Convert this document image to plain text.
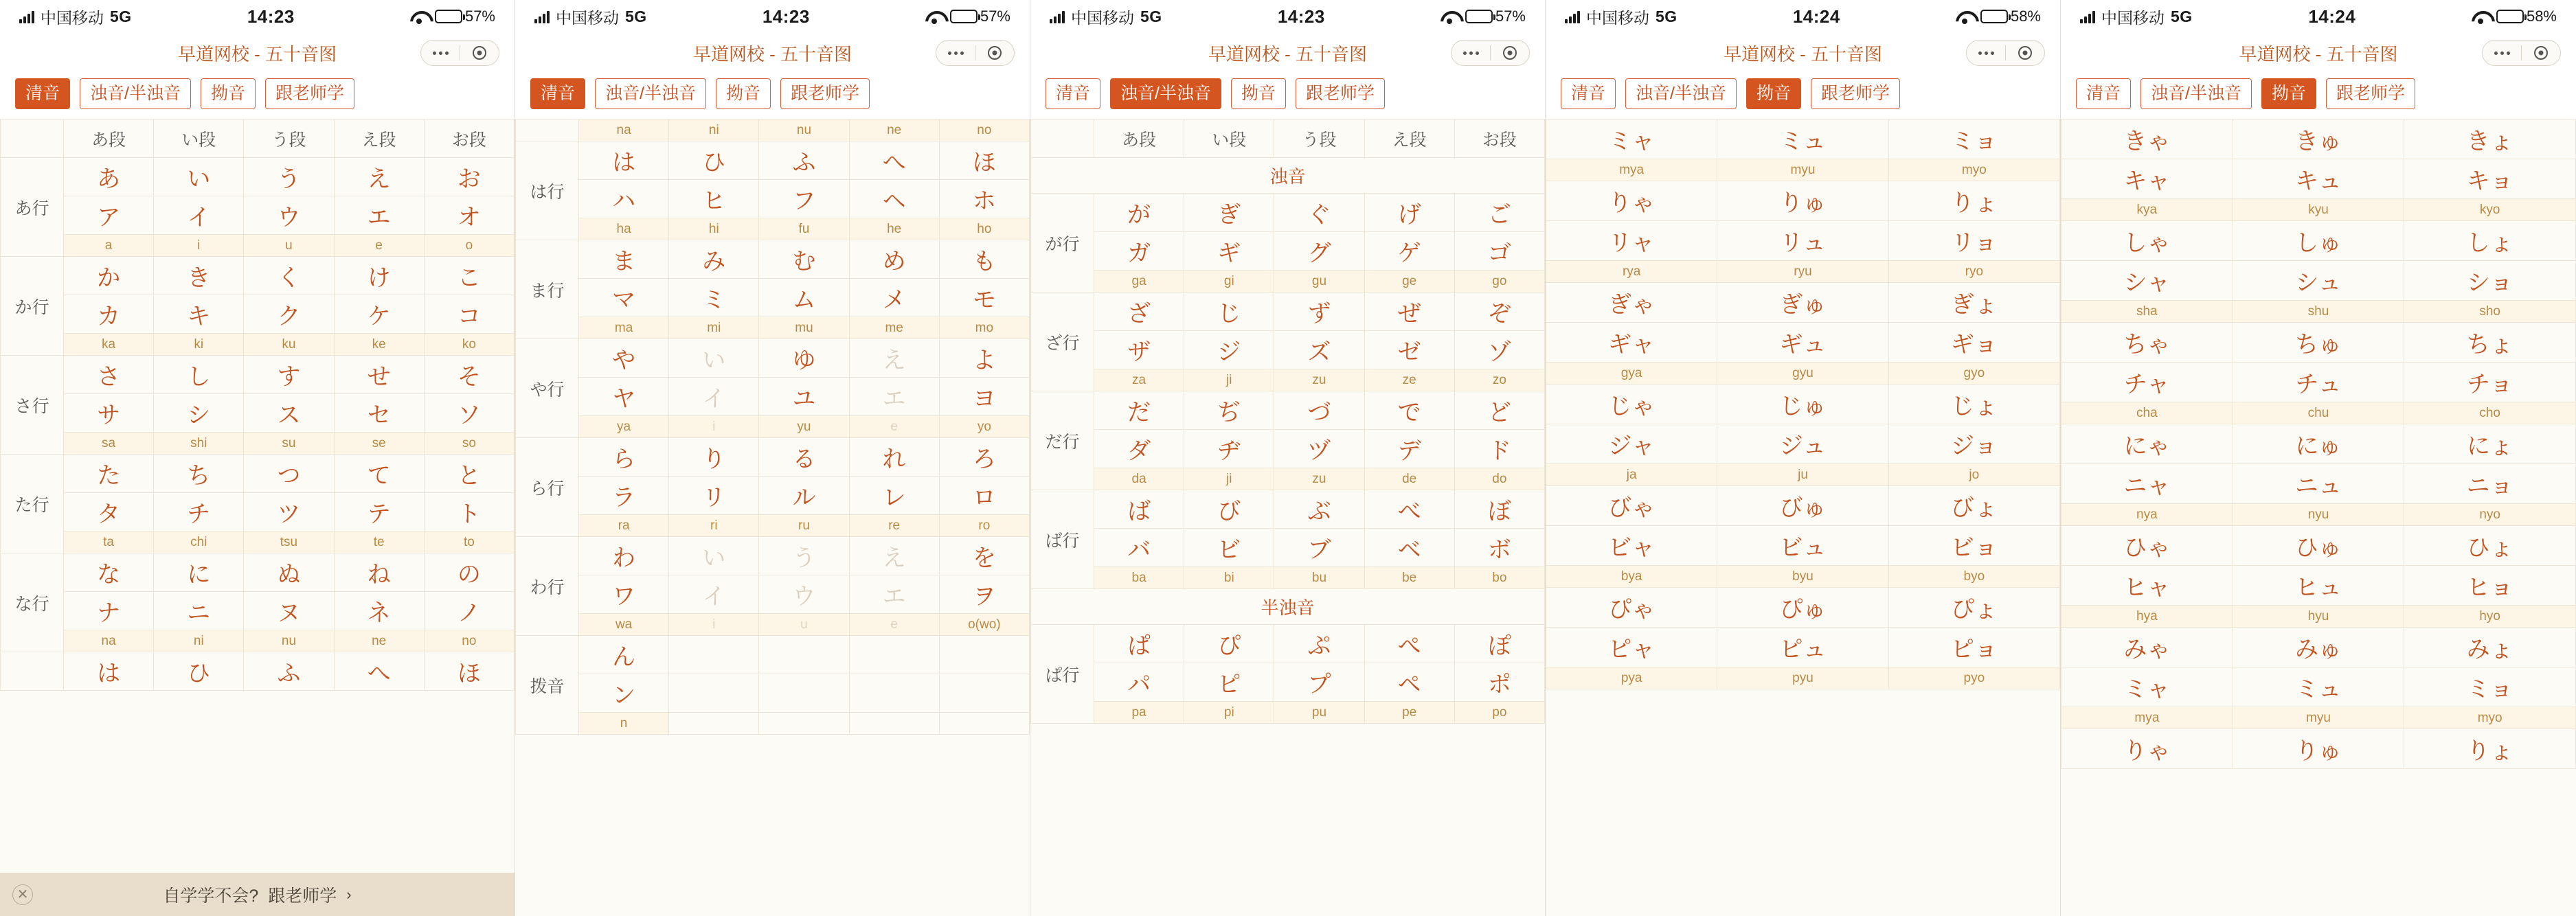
中国移动 5G	14:23	57%
早道网校 - 五十音图
清音	浊音/半浊音	拗音	跟老师学
	あ段	い段	う段	え段	お段
あ行	あ	い	う	え	お
	ア	イ	ウ	エ	オ
	a	i	u	e	o
か行	か	き	く	け	こ
	カ	キ	ク	ケ	コ
	ka	ki	ku	ke	ko
さ行	さ	し	す	せ	そ
	サ	シ	ス	セ	ソ
	sa	shi	su	se	so
た行	た	ち	つ	て	と
	タ	チ	ツ	テ	ト
	ta	chi	tsu	te	to
な行	な	に	ぬ	ね	の
	ナ	ニ	ヌ	ネ	ノ
	na	ni	nu	ne	no
	は	ひ	ふ	へ	ほ
✕	自学学不会? 跟老师学 ›
中国移动 5G	14:23	57%
早道网校 - 五十音图
清音	浊音/半浊音	拗音	跟老师学
	na	ni	nu	ne	no
は行	は	ひ	ふ	へ	ほ
	ハ	ヒ	フ	ヘ	ホ
	ha	hi	fu	he	ho
ま行	ま	み	む	め	も
	マ	ミ	ム	メ	モ
	ma	mi	mu	me	mo
や行	や	い	ゆ	え	よ
	ヤ	イ	ユ	エ	ヨ
	ya	i	yu	e	yo
ら行	ら	り	る	れ	ろ
	ラ	リ	ル	レ	ロ
	ra	ri	ru	re	ro
わ行	わ	い	う	え	を
	ワ	イ	ウ	エ	ヲ
	wa	i	u	e	o(wo)
拨音	ん				
	ン				
	n				
中国移动 5G	14:23	57%
早道网校 - 五十音图
清音	浊音/半浊音	拗音	跟老师学
	あ段	い段	う段	え段	お段
浊音					
が行	が	ぎ	ぐ	げ	ご
	ガ	ギ	グ	ゲ	ゴ
	ga	gi	gu	ge	go
ざ行	ざ	じ	ず	ぜ	ぞ
	ザ	ジ	ズ	ゼ	ゾ
	za	ji	zu	ze	zo
だ行	だ	ぢ	づ	で	ど
	ダ	ヂ	ヅ	デ	ド
	da	ji	zu	de	do
ば行	ば	び	ぶ	べ	ぼ
	バ	ビ	ブ	ベ	ボ
	ba	bi	bu	be	bo
半浊音					
ぱ行	ぱ	ぴ	ぷ	ぺ	ぽ
	パ	ピ	プ	ペ	ポ
	pa	pi	pu	pe	po
中国移动 5G	14:24	58%
早道网校 - 五十音图
清音	浊音/半浊音	拗音	跟老师学
ミャ	ミュ	ミョ
mya	myu	myo
りゃ	りゅ	りょ
リャ	リュ	リョ
rya	ryu	ryo
ぎゃ	ぎゅ	ぎょ
ギャ	ギュ	ギョ
gya	gyu	gyo
じゃ	じゅ	じょ
ジャ	ジュ	ジョ
ja	ju	jo
びゃ	びゅ	びょ
ビャ	ビュ	ビョ
bya	byu	byo
ぴゃ	ぴゅ	ぴょ
ピャ	ピュ	ピョ
pya	pyu	pyo
中国移动 5G	14:24	58%
早道网校 - 五十音图
清音	浊音/半浊音	拗音	跟老师学
きゃ	きゅ	きょ
キャ	キュ	キョ
kya	kyu	kyo
しゃ	しゅ	しょ
シャ	シュ	ショ
sha	shu	sho
ちゃ	ちゅ	ちょ
チャ	チュ	チョ
cha	chu	cho
にゃ	にゅ	にょ
ニャ	ニュ	ニョ
nya	nyu	nyo
ひゃ	ひゅ	ひょ
ヒャ	ヒュ	ヒョ
hya	hyu	hyo
みゃ	みゅ	みょ
ミャ	ミュ	ミョ
mya	myu	myo
りゃ	りゅ	りょ
